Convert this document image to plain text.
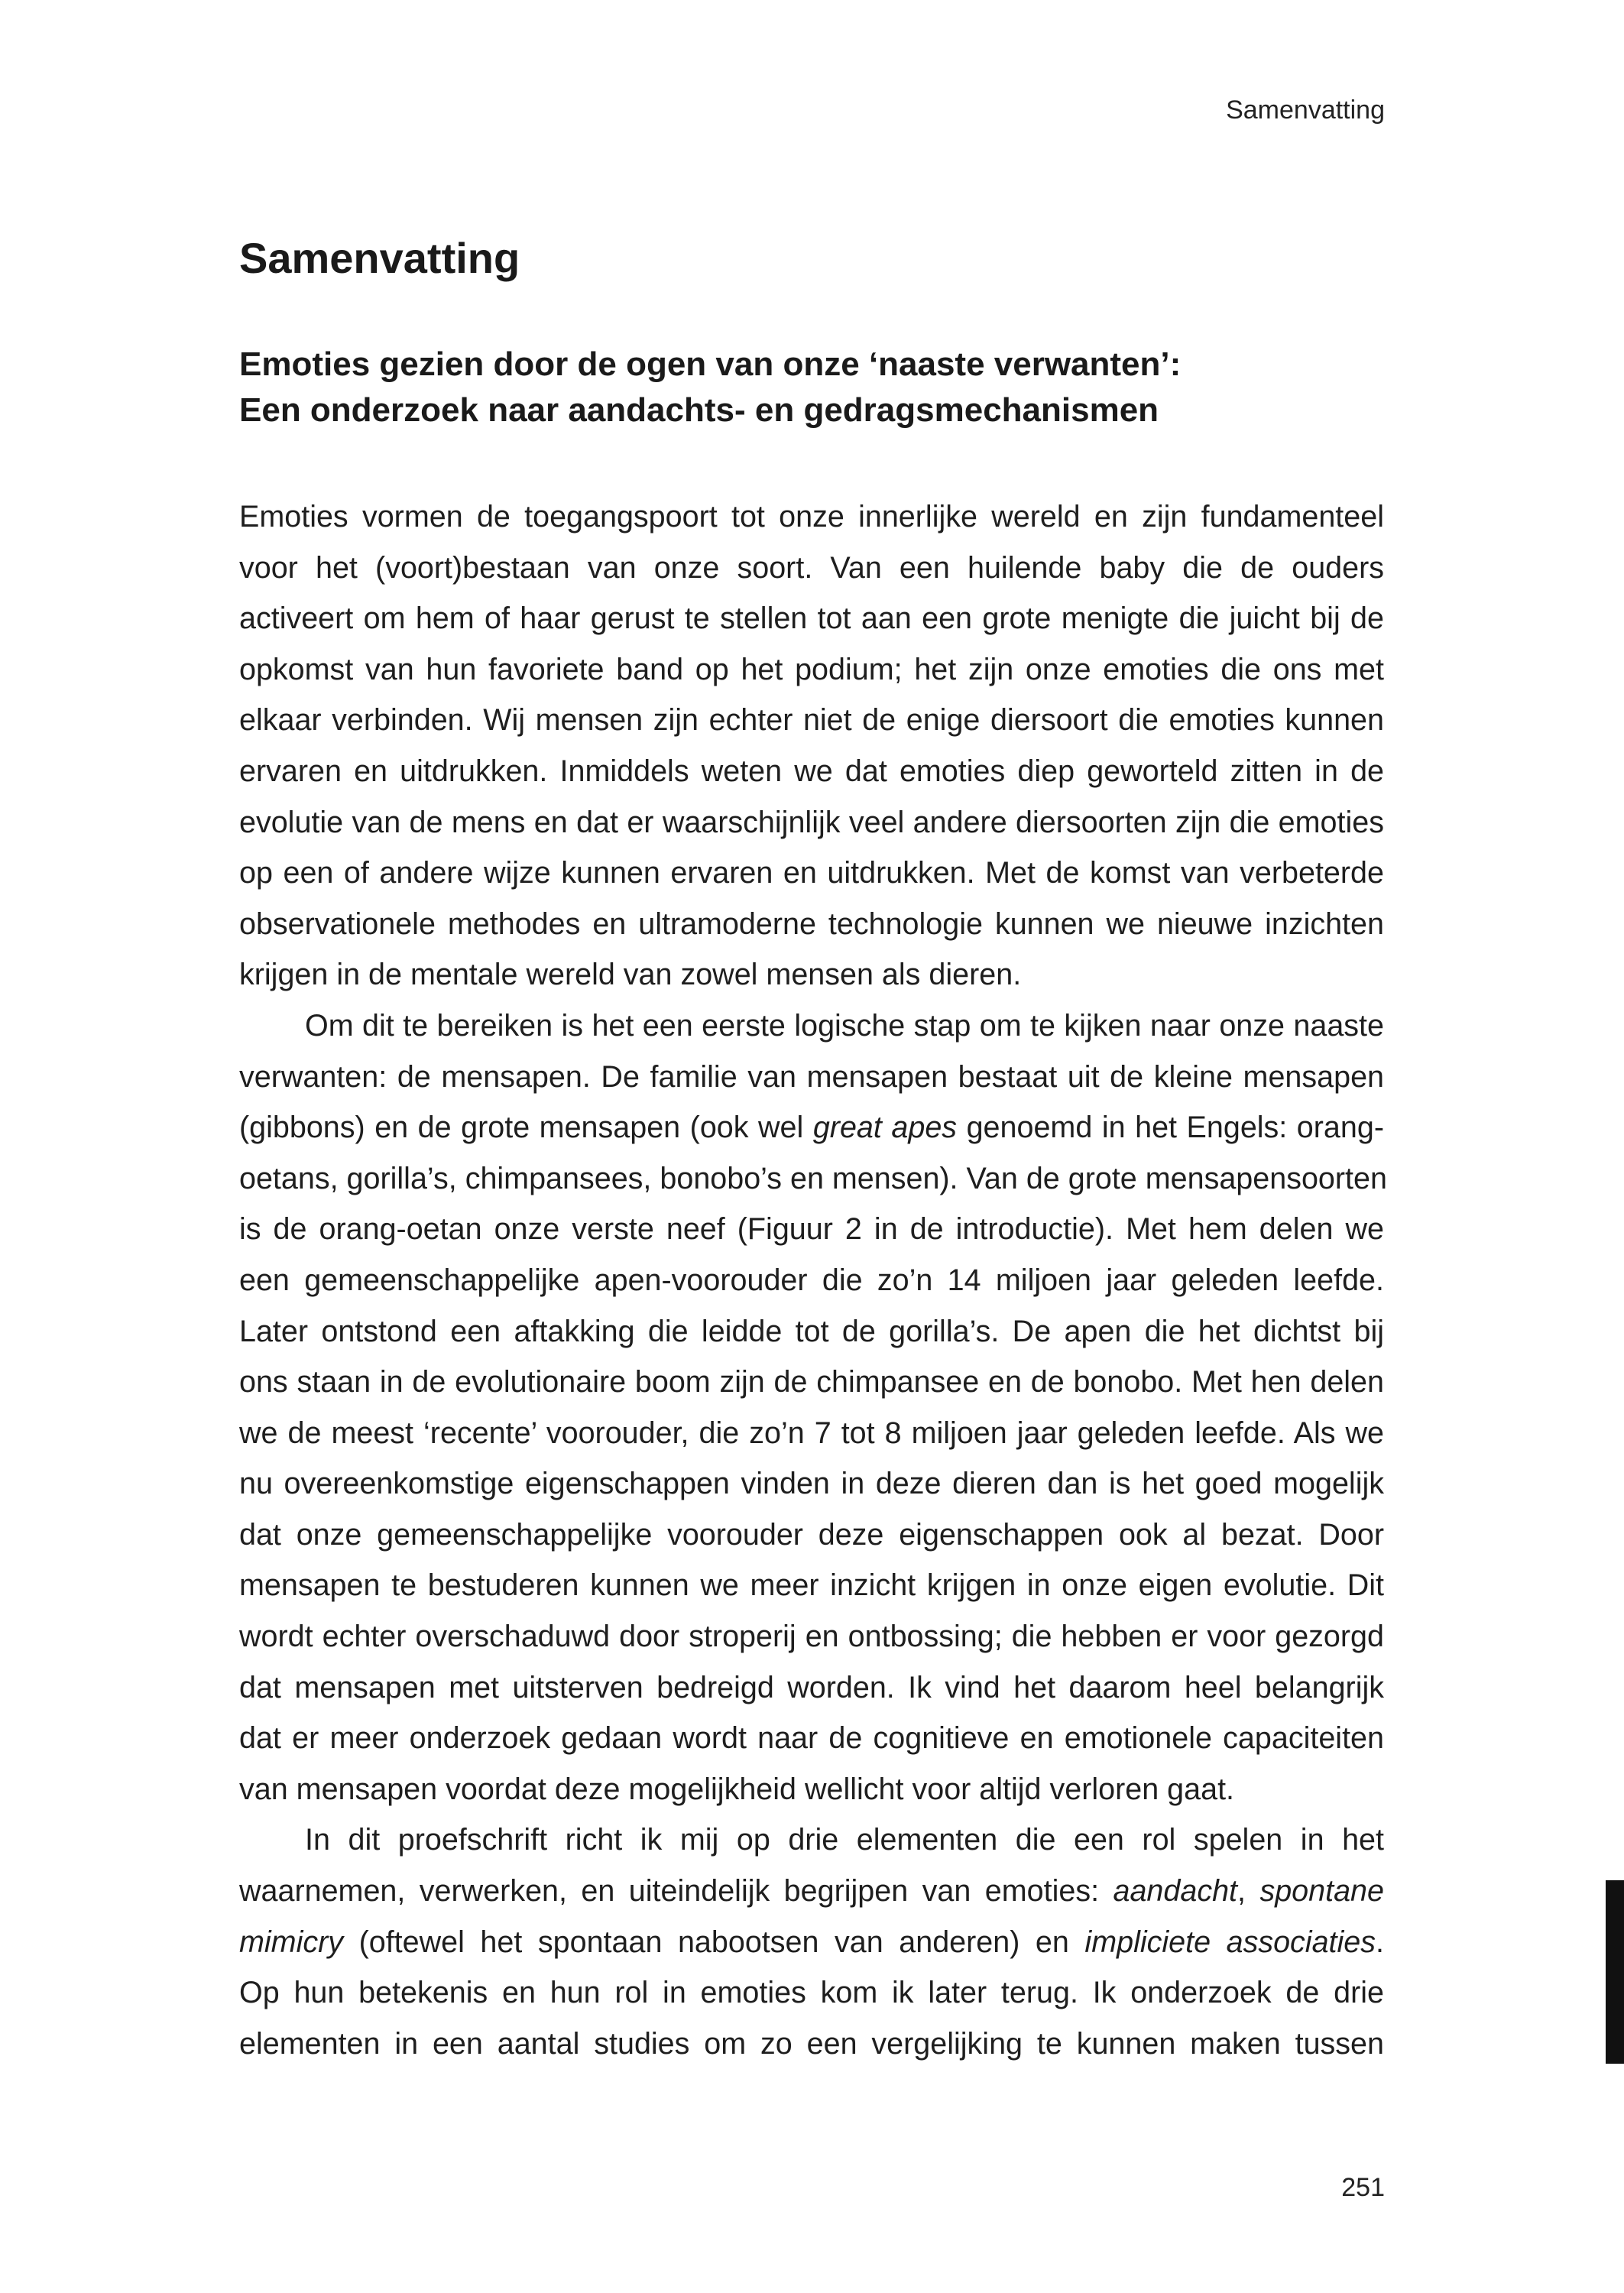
Samenvatting
Samenvatting
Emoties gezien door de ogen van onze ‘naaste verwanten’:
Een onderzoek naar aandachts- en gedragsmechanismen
Emoties vormen de toegangspoort tot onze innerlijke wereld en zijn fundamenteel
voor het (voort)bestaan van onze soort. Van een huilende baby die de ouders
activeert om hem of haar gerust te stellen tot aan een grote menigte die juicht bij de
opkomst van hun favoriete band op het podium; het zijn onze emoties die ons met
elkaar verbinden. Wij mensen zijn echter niet de enige diersoort die emoties kunnen
ervaren en uitdrukken. Inmiddels weten we dat emoties diep geworteld zitten in de
evolutie van de mens en dat er waarschijnlijk veel andere diersoorten zijn die emoties
op een of andere wijze kunnen ervaren en uitdrukken. Met de komst van verbeterde
observationele methodes en ultramoderne technologie kunnen we nieuwe inzichten
krijgen in de mentale wereld van zowel mensen als dieren.
Om dit te bereiken is het een eerste logische stap om te kijken naar onze naaste
verwanten: de mensapen. De familie van mensapen bestaat uit de kleine mensapen
(gibbons) en de grote mensapen (ook wel great apes genoemd in het Engels: orang-
oetans, gorilla’s, chimpansees, bonobo’s en mensen). Van de grote mensapensoorten
is de orang-oetan onze verste neef (Figuur 2 in de introductie). Met hem delen we
een gemeenschappelijke apen-voorouder die zo’n 14 miljoen jaar geleden leefde.
Later ontstond een aftakking die leidde tot de gorilla’s. De apen die het dichtst bij
ons staan in de evolutionaire boom zijn de chimpansee en de bonobo. Met hen delen
we de meest ‘recente’ voorouder, die zo’n 7 tot 8 miljoen jaar geleden leefde. Als we
nu overeenkomstige eigenschappen vinden in deze dieren dan is het goed mogelijk
dat onze gemeenschappelijke voorouder deze eigenschappen ook al bezat. Door
mensapen te bestuderen kunnen we meer inzicht krijgen in onze eigen evolutie. Dit
wordt echter overschaduwd door stroperij en ontbossing; die hebben er voor gezorgd
dat mensapen met uitsterven bedreigd worden. Ik vind het daarom heel belangrijk
dat er meer onderzoek gedaan wordt naar de cognitieve en emotionele capaciteiten
van mensapen voordat deze mogelijkheid wellicht voor altijd verloren gaat.
In dit proefschrift richt ik mij op drie elementen die een rol spelen in het
waarnemen, verwerken, en uiteindelijk begrijpen van emoties: aandacht, spontane
mimicry (oftewel het spontaan nabootsen van anderen) en impliciete associaties.
Op hun betekenis en hun rol in emoties kom ik later terug. Ik onderzoek de drie
elementen in een aantal studies om zo een vergelijking te kunnen maken tussen
251
